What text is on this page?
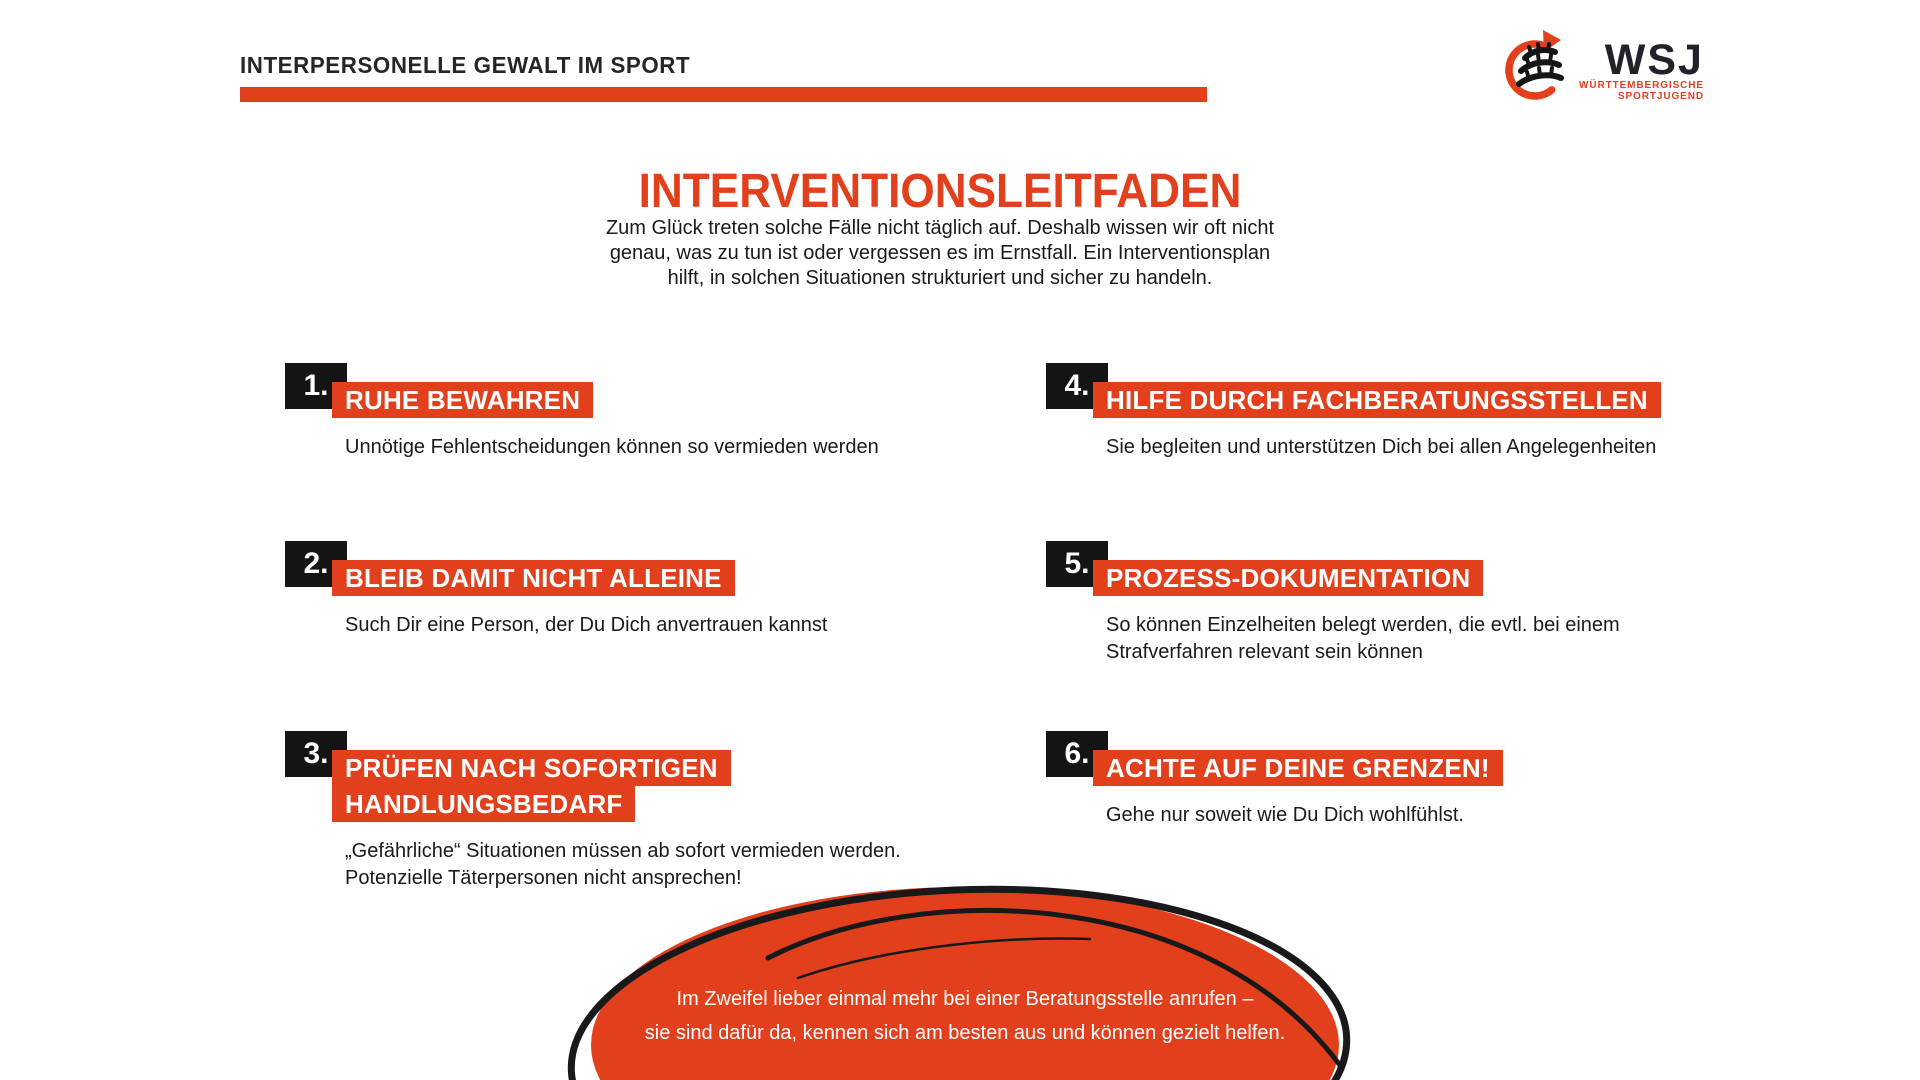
INTERPERSONELLE GEWALT IM SPORT	WSJ
WÜRTTEMBERGISCHE
SPORTJUGEND
INTERVENTIONSLEITFADEN
Zum Glück treten solche Fälle nicht täglich auf. Deshalb wissen wir oft nicht
genau, was zu tun ist oder vergessen es im Ernstfall. Ein Interventionsplan
hilft, in solchen Situationen strukturiert und sicher zu handeln.
1. RUHE BEWAHREN
Unnötige Fehlentscheidungen können so vermieden werden
2. BLEIB DAMIT NICHT ALLEINE
Such Dir eine Person, der Du Dich anvertrauen kannst
3. PRÜFEN NACH SOFORTIGEN
HANDLUNGSBEDARF
„Gefährliche“ Situationen müssen ab sofort vermieden werden.
Potenzielle Täterpersonen nicht ansprechen!
4. HILFE DURCH FACHBERATUNGSSTELLEN
Sie begleiten und unterstützen Dich bei allen Angelegenheiten
5. PROZESS-DOKUMENTATION
So können Einzelheiten belegt werden, die evtl. bei einem
Strafverfahren relevant sein können
6. ACHTE AUF DEINE GRENZEN!
Gehe nur soweit wie Du Dich wohlfühlst.
Im Zweifel lieber einmal mehr bei einer Beratungsstelle anrufen –
sie sind dafür da, kennen sich am besten aus und können gezielt helfen.
